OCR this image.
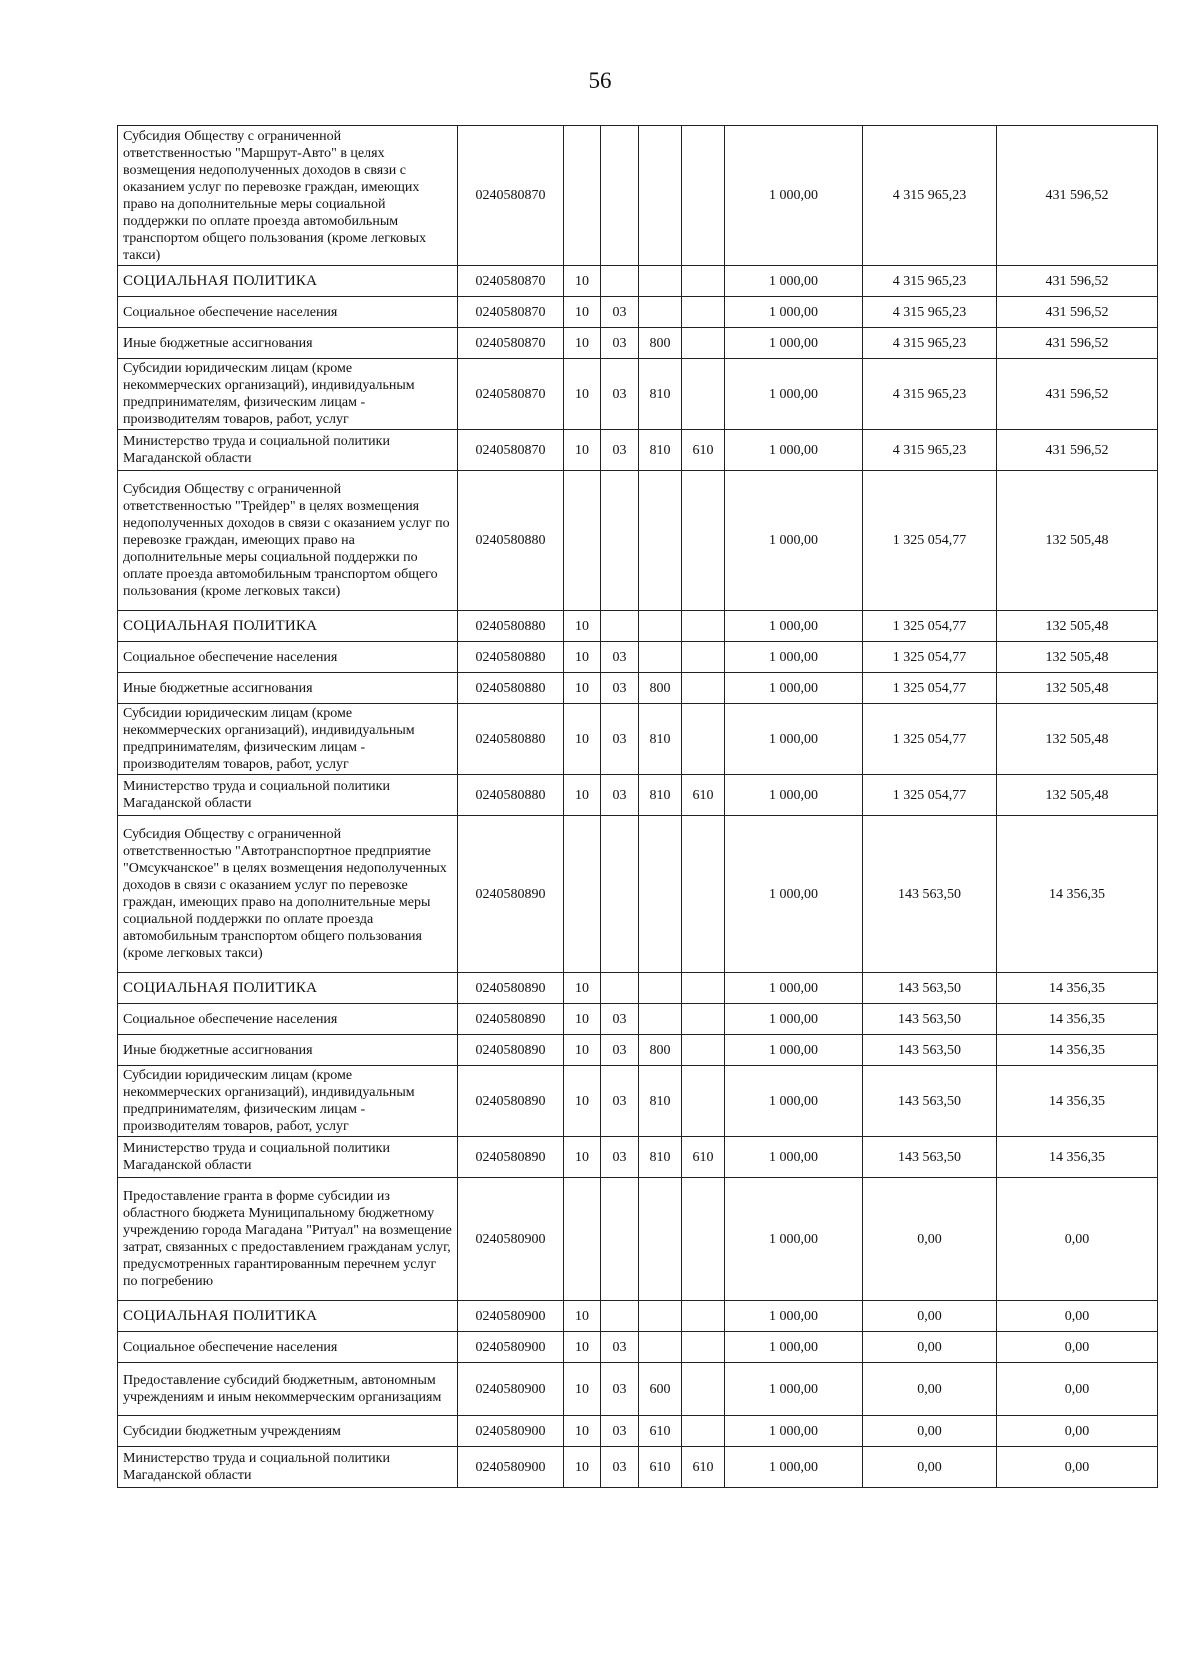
56
Субсидия Обществу с ограниченной ответственностью "Маршрут-Авто" в целях возмещения недополученных доходов в связи с оказанием услуг по перевозке граждан, имеющих право на дополнительные меры социальной поддержки по оплате проезда автомобильным транспортом общего пользования (кроме легковых такси)	0240580870					1 000,00	4 315 965,23	431 596,52
СОЦИАЛЬНАЯ ПОЛИТИКА	0240580870	10				1 000,00	4 315 965,23	431 596,52
Социальное обеспечение населения	0240580870	10	03			1 000,00	4 315 965,23	431 596,52
Иные бюджетные ассигнования	0240580870	10	03	800		1 000,00	4 315 965,23	431 596,52
Субсидии юридическим лицам (кроме некоммерческих организаций), индивидуальным предпринимателям, физическим лицам - производителям товаров, работ, услуг	0240580870	10	03	810		1 000,00	4 315 965,23	431 596,52
Министерство труда и социальной политики Магаданской области	0240580870	10	03	810	610	1 000,00	4 315 965,23	431 596,52
Субсидия Обществу с ограниченной ответственностью "Трейдер" в целях возмещения недополученных доходов в связи с оказанием услуг по перевозке граждан, имеющих право на дополнительные меры социальной поддержки по оплате проезда автомобильным транспортом общего пользования (кроме легковых такси)	0240580880					1 000,00	1 325 054,77	132 505,48
СОЦИАЛЬНАЯ ПОЛИТИКА	0240580880	10				1 000,00	1 325 054,77	132 505,48
Социальное обеспечение населения	0240580880	10	03			1 000,00	1 325 054,77	132 505,48
Иные бюджетные ассигнования	0240580880	10	03	800		1 000,00	1 325 054,77	132 505,48
Субсидии юридическим лицам (кроме некоммерческих организаций), индивидуальным предпринимателям, физическим лицам - производителям товаров, работ, услуг	0240580880	10	03	810		1 000,00	1 325 054,77	132 505,48
Министерство труда и социальной политики Магаданской области	0240580880	10	03	810	610	1 000,00	1 325 054,77	132 505,48
Субсидия Обществу с ограниченной ответственностью "Автотранспортное предприятие "Омсукчанское" в целях возмещения недополученных доходов в связи с оказанием услуг по перевозке граждан, имеющих право на дополнительные меры социальной поддержки по оплате проезда автомобильным транспортом общего пользования (кроме легковых такси)	0240580890					1 000,00	143 563,50	14 356,35
СОЦИАЛЬНАЯ ПОЛИТИКА	0240580890	10				1 000,00	143 563,50	14 356,35
Социальное обеспечение населения	0240580890	10	03			1 000,00	143 563,50	14 356,35
Иные бюджетные ассигнования	0240580890	10	03	800		1 000,00	143 563,50	14 356,35
Субсидии юридическим лицам (кроме некоммерческих организаций), индивидуальным предпринимателям, физическим лицам - производителям товаров, работ, услуг	0240580890	10	03	810		1 000,00	143 563,50	14 356,35
Министерство труда и социальной политики Магаданской области	0240580890	10	03	810	610	1 000,00	143 563,50	14 356,35
Предоставление гранта в форме субсидии из областного бюджета Муниципальному бюджетному учреждению города Магадана "Ритуал" на возмещение затрат, связанных с предоставлением гражданам услуг, предусмотренных гарантированным перечнем услуг по погребению	0240580900					1 000,00	0,00	0,00
СОЦИАЛЬНАЯ ПОЛИТИКА	0240580900	10				1 000,00	0,00	0,00
Социальное обеспечение населения	0240580900	10	03			1 000,00	0,00	0,00
Предоставление субсидий бюджетным, автономным учреждениям и иным некоммерческим организациям	0240580900	10	03	600		1 000,00	0,00	0,00
Субсидии бюджетным учреждениям	0240580900	10	03	610		1 000,00	0,00	0,00
Министерство труда и социальной политики Магаданской области	0240580900	10	03	610	610	1 000,00	0,00	0,00
